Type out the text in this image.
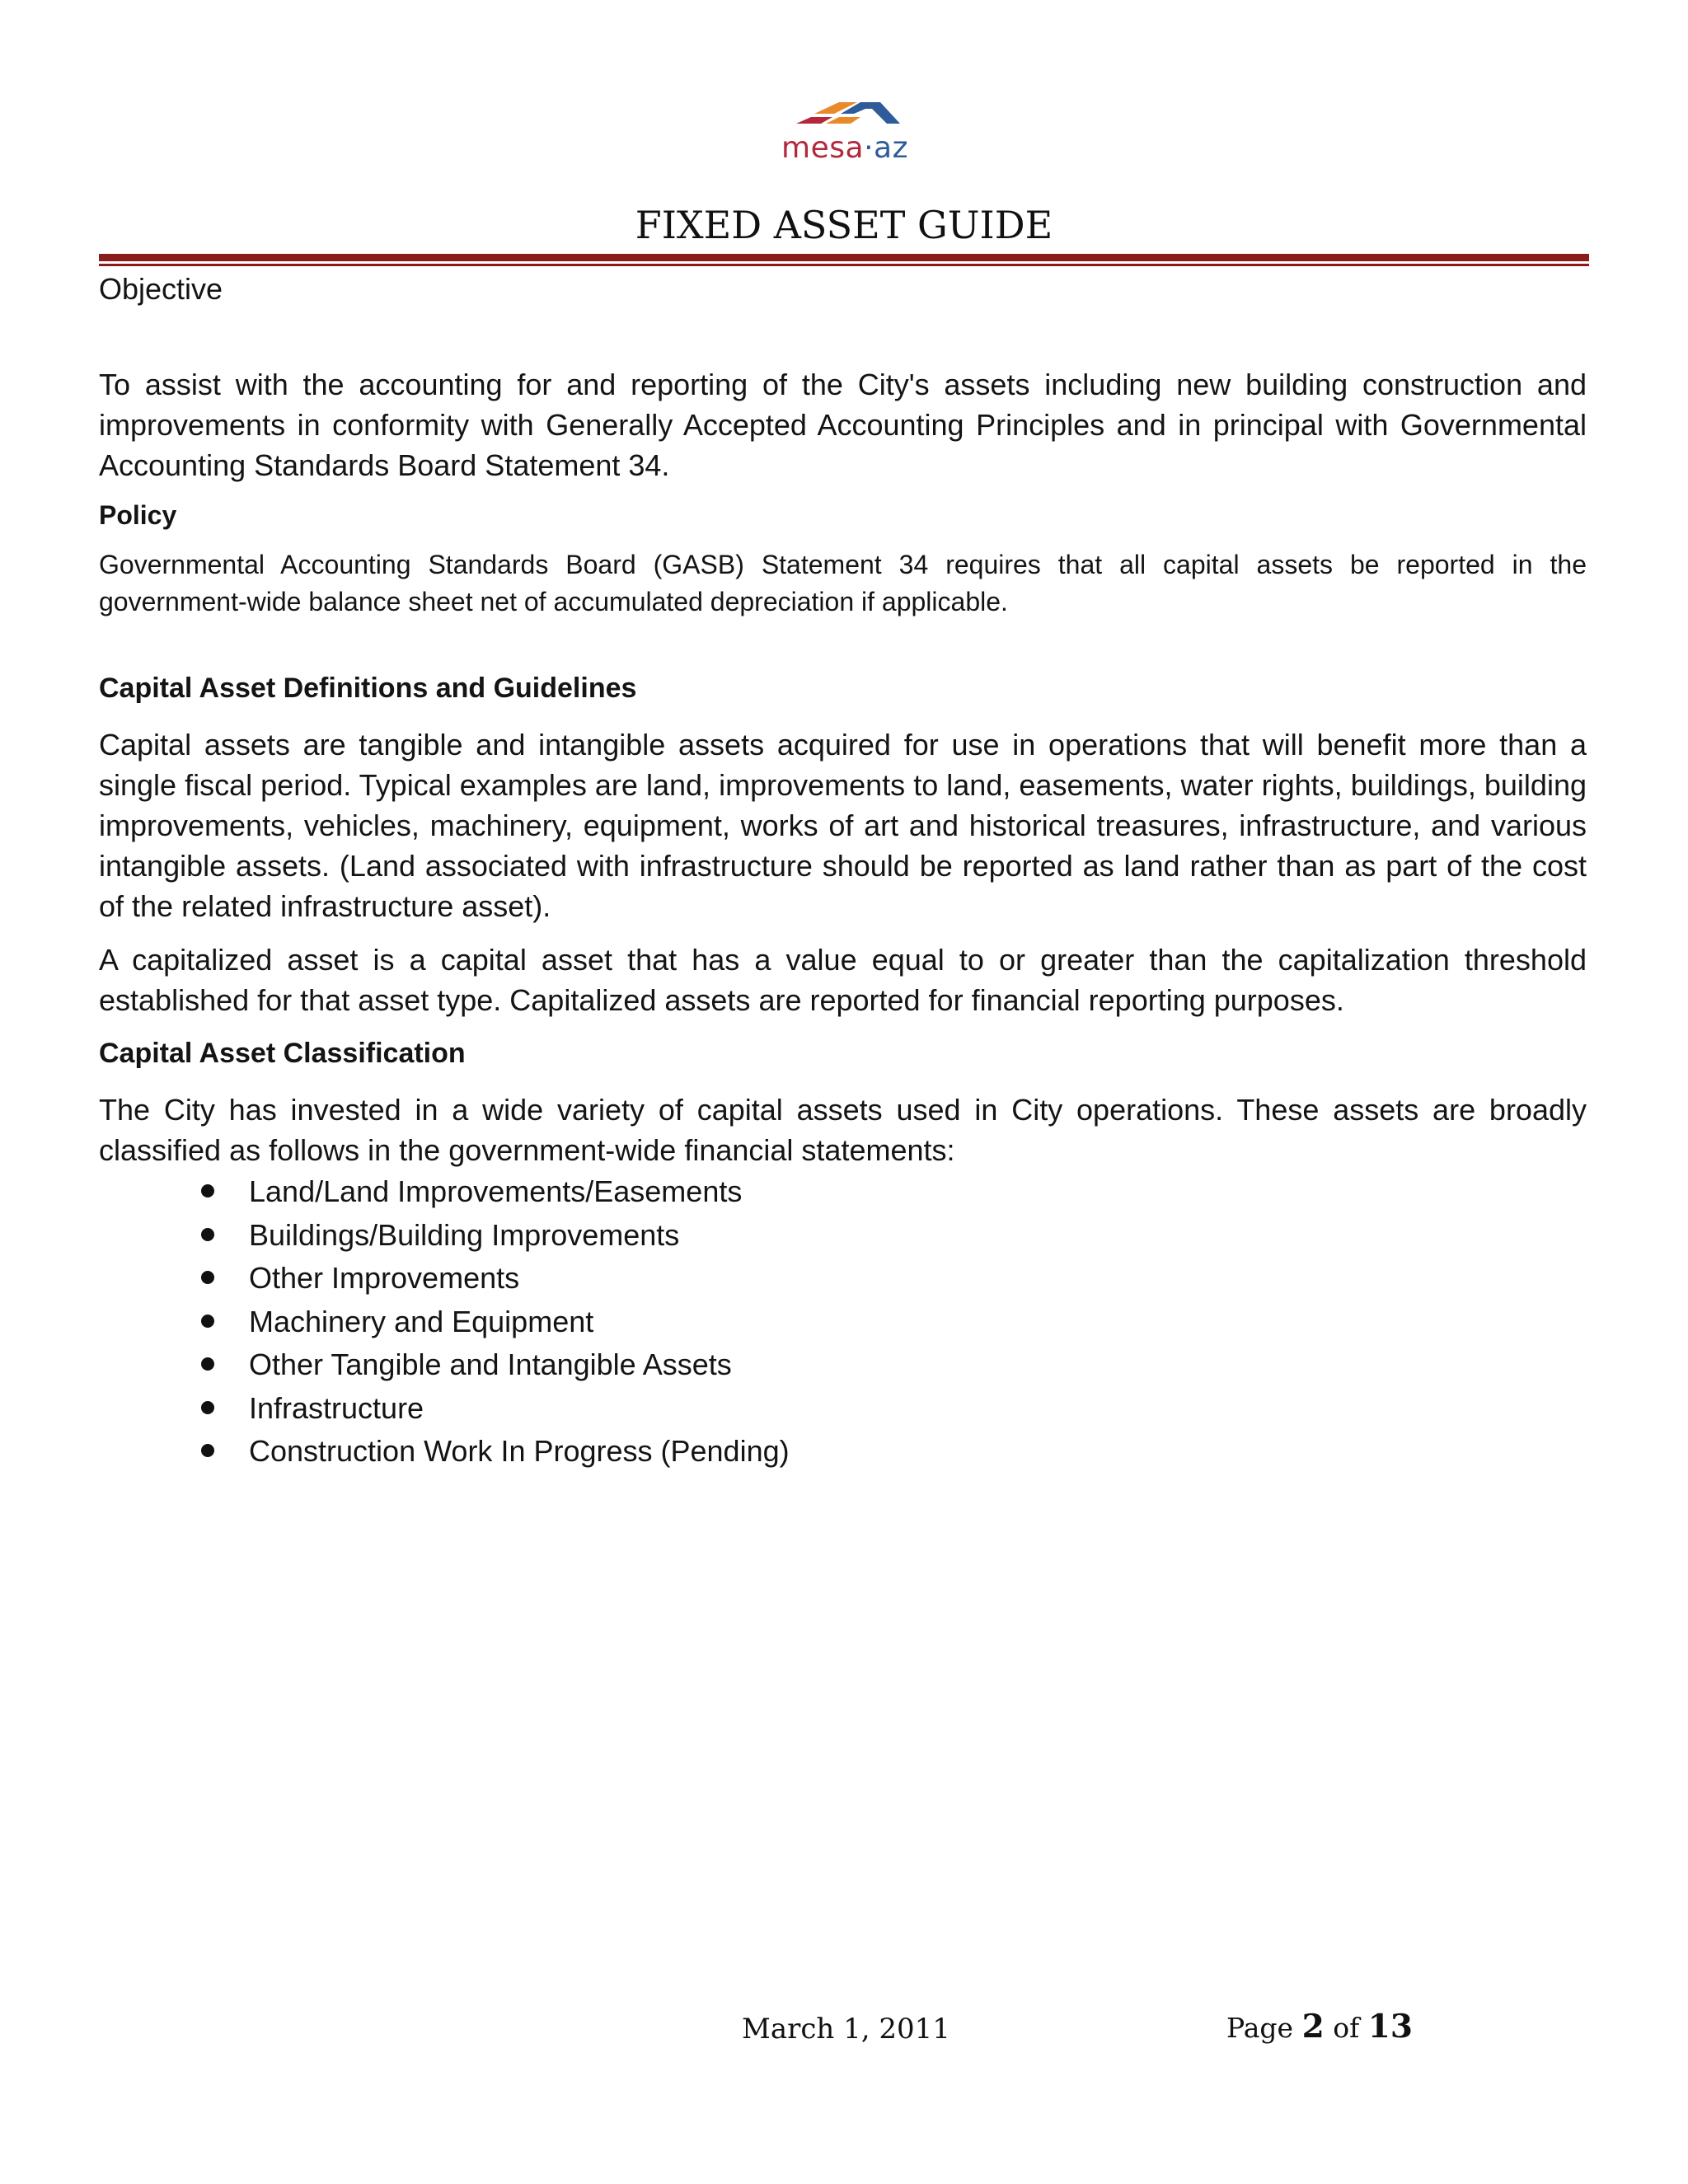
mesa·az
FIXED ASSET GUIDE
Objective

To assist with the accounting for and reporting of the City's assets including new building construction and improvements in conformity with Generally Accepted Accounting Principles and in principal with Governmental Accounting Standards Board Statement 34.

Policy

Governmental Accounting Standards Board (GASB) Statement 34 requires that all capital assets be reported in the government-wide balance sheet net of accumulated depreciation if applicable.

Capital Asset Definitions and Guidelines

Capital assets are tangible and intangible assets acquired for use in operations that will benefit more than a single fiscal period. Typical examples are land, improvements to land, easements, water rights, buildings, building improvements, vehicles, machinery, equipment, works of art and historical treasures, infrastructure, and various intangible assets. (Land associated with infrastructure should be reported as land rather than as part of the cost of the related infrastructure asset).

A capitalized asset is a capital asset that has a value equal to or greater than the capitalization threshold established for that asset type. Capitalized assets are reported for financial reporting purposes.

Capital Asset Classification

The City has invested in a wide variety of capital assets used in City operations. These assets are broadly classified as follows in the government-wide financial statements:

Land/Land Improvements/Easements
Buildings/Building Improvements
Other Improvements
Machinery and Equipment
Other Tangible and Intangible Assets
Infrastructure
Construction Work In Progress (Pending)
March 1, 2011	Page 2 of 13
